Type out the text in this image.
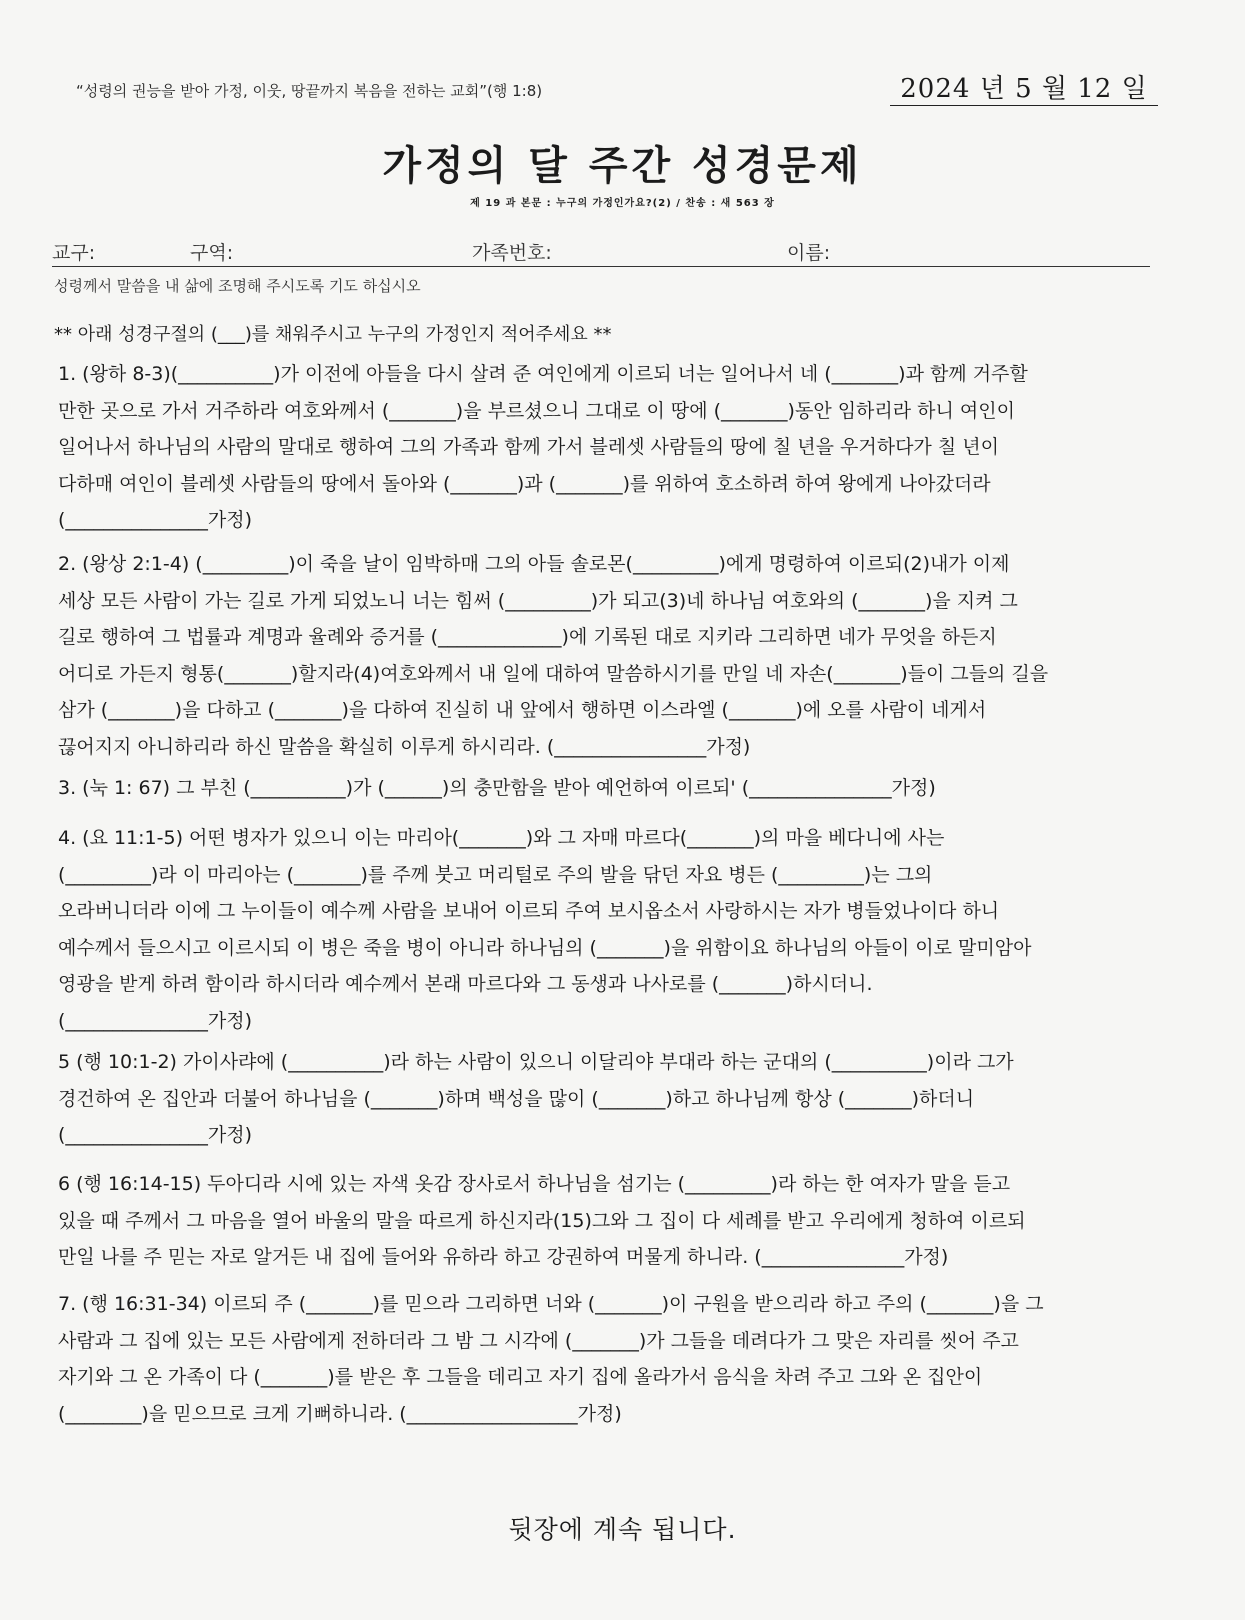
“성령의 권능을 받아 가정, 이웃, 땅끝까지 복음을 전하는 교회”(행 1:8)	2024 년 5 월 12 일
가정의 달 주간 성경문제
제 19 과 본문 : 누구의 가정인가요?(2) / 찬송 : 새 563 장
교구:	구역:	가족번호:	이름:
성령께서 말씀을 내 삶에 조명해 주시도록 기도 하십시오
** 아래 성경구절의 (___)를 채워주시고 누구의 가정인지 적어주세요 **
1. (왕하 8-3)(__________)가 이전에 아들을 다시 살려 준 여인에게 이르되 너는 일어나서 네 (_______)과 함께 거주할
만한 곳으로 가서 거주하라 여호와께서 (_______)을 부르셨으니 그대로 이 땅에 (_______)동안 임하리라 하니 여인이
일어나서 하나님의 사람의 말대로 행하여 그의 가족과 함께 가서 블레셋 사람들의 땅에 칠 년을 우거하다가 칠 년이
다하매 여인이 블레셋 사람들의 땅에서 돌아와 (_______)과 (_______)를 위하여 호소하려 하여 왕에게 나아갔더라
(_______________가정)
2. (왕상 2:1-4) (_________)이 죽을 날이 임박하매 그의 아들 솔로몬(_________)에게 명령하여 이르되(2)내가 이제
세상 모든 사람이 가는 길로 가게 되었노니 너는 힘써 (_________)가 되고(3)네 하나님 여호와의 (_______)을 지켜 그
길로 행하여 그 법률과 계명과 율례와 증거를 (_____________)에 기록된 대로 지키라 그리하면 네가 무엇을 하든지
어디로 가든지 형통(_______)할지라(4)여호와께서 내 일에 대하여 말씀하시기를 만일 네 자손(_______)들이 그들의 길을
삼가 (_______)을 다하고 (_______)을 다하여 진실히 내 앞에서 행하면 이스라엘 (_______)에 오를 사람이 네게서
끊어지지 아니하리라 하신 말씀을 확실히 이루게 하시리라. (________________가정)
3. (눅 1: 67) 그 부친 (__________)가 (______)의 충만함을 받아 예언하여 이르되' (_______________가정)
4. (요 11:1-5) 어떤 병자가 있으니 이는 마리아(_______)와 그 자매 마르다(_______)의 마을 베다니에 사는
(_________)라 이 마리아는 (_______)를 주께 붓고 머리털로 주의 발을 닦던 자요 병든 (_________)는 그의
오라버니더라 이에 그 누이들이 예수께 사람을 보내어 이르되 주여 보시옵소서 사랑하시는 자가 병들었나이다 하니
예수께서 들으시고 이르시되 이 병은 죽을 병이 아니라 하나님의 (_______)을 위함이요 하나님의 아들이 이로 말미암아
영광을 받게 하려 함이라 하시더라 예수께서 본래 마르다와 그 동생과 나사로를 (_______)하시더니.
(_______________가정)
5 (행 10:1-2) 가이사랴에 (__________)라 하는 사람이 있으니 이달리야 부대라 하는 군대의 (__________)이라 그가
경건하여 온 집안과 더불어 하나님을 (_______)하며 백성을 많이 (_______)하고 하나님께 항상 (_______)하더니
(_______________가정)
6 (행 16:14-15) 두아디라 시에 있는 자색 옷감 장사로서 하나님을 섬기는 (_________)라 하는 한 여자가 말을 듣고
있을 때 주께서 그 마음을 열어 바울의 말을 따르게 하신지라(15)그와 그 집이 다 세례를 받고 우리에게 청하여 이르되
만일 나를 주 믿는 자로 알거든 내 집에 들어와 유하라 하고 강권하여 머물게 하니라. (_______________가정)
7. (행 16:31-34) 이르되 주 (_______)를 믿으라 그리하면 너와 (_______)이 구원을 받으리라 하고 주의 (_______)을 그
사람과 그 집에 있는 모든 사람에게 전하더라 그 밤 그 시각에 (_______)가 그들을 데려다가 그 맞은 자리를 씻어 주고
자기와 그 온 가족이 다 (_______)를 받은 후 그들을 데리고 자기 집에 올라가서 음식을 차려 주고 그와 온 집안이
(________)을 믿으므로 크게 기뻐하니라. (__________________가정)
뒷장에 계속 됩니다.
